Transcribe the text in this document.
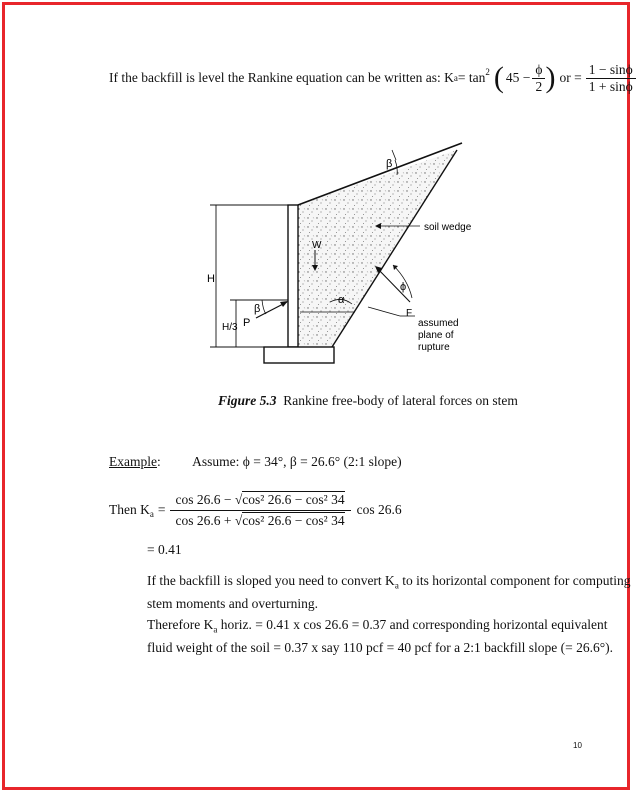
If the backfill is level the Rankine equation can be written as: K $a = \tan^2$ ( $45 - \frac{\phi}{2}$ ) or = $\frac{1 - \sin\phi}{1 + \sin\phi}$
β
soil wedge
W
H
β
H/3 P
α
ϕ
F
assumed
plane of
rupture
Figure 5.3 Rankine free-body of lateral forces on stem
Example: Assume: ϕ = 34°, β = 26.6° (2:1 slope)
Then $K_a = \frac{\text{cos 26.6 − √cos² 26.6 − cos² 34}}{\text{cos 26.6 + √cos² 26.6 − cos² 34}}$ cos 26.6
= 0.41
If the backfill is sloped you need to convert $K_a$ to its horizontal component for computing
stem moments and overturning.
Therefore $K_a$ horiz. = 0.41 x cos 26.6 = 0.37 and corresponding horizontal equivalent
fluid weight of the soil = 0.37 x say 110 pcf = 40 pcf for a 2:1 backfill slope (= 26.6°).
10
